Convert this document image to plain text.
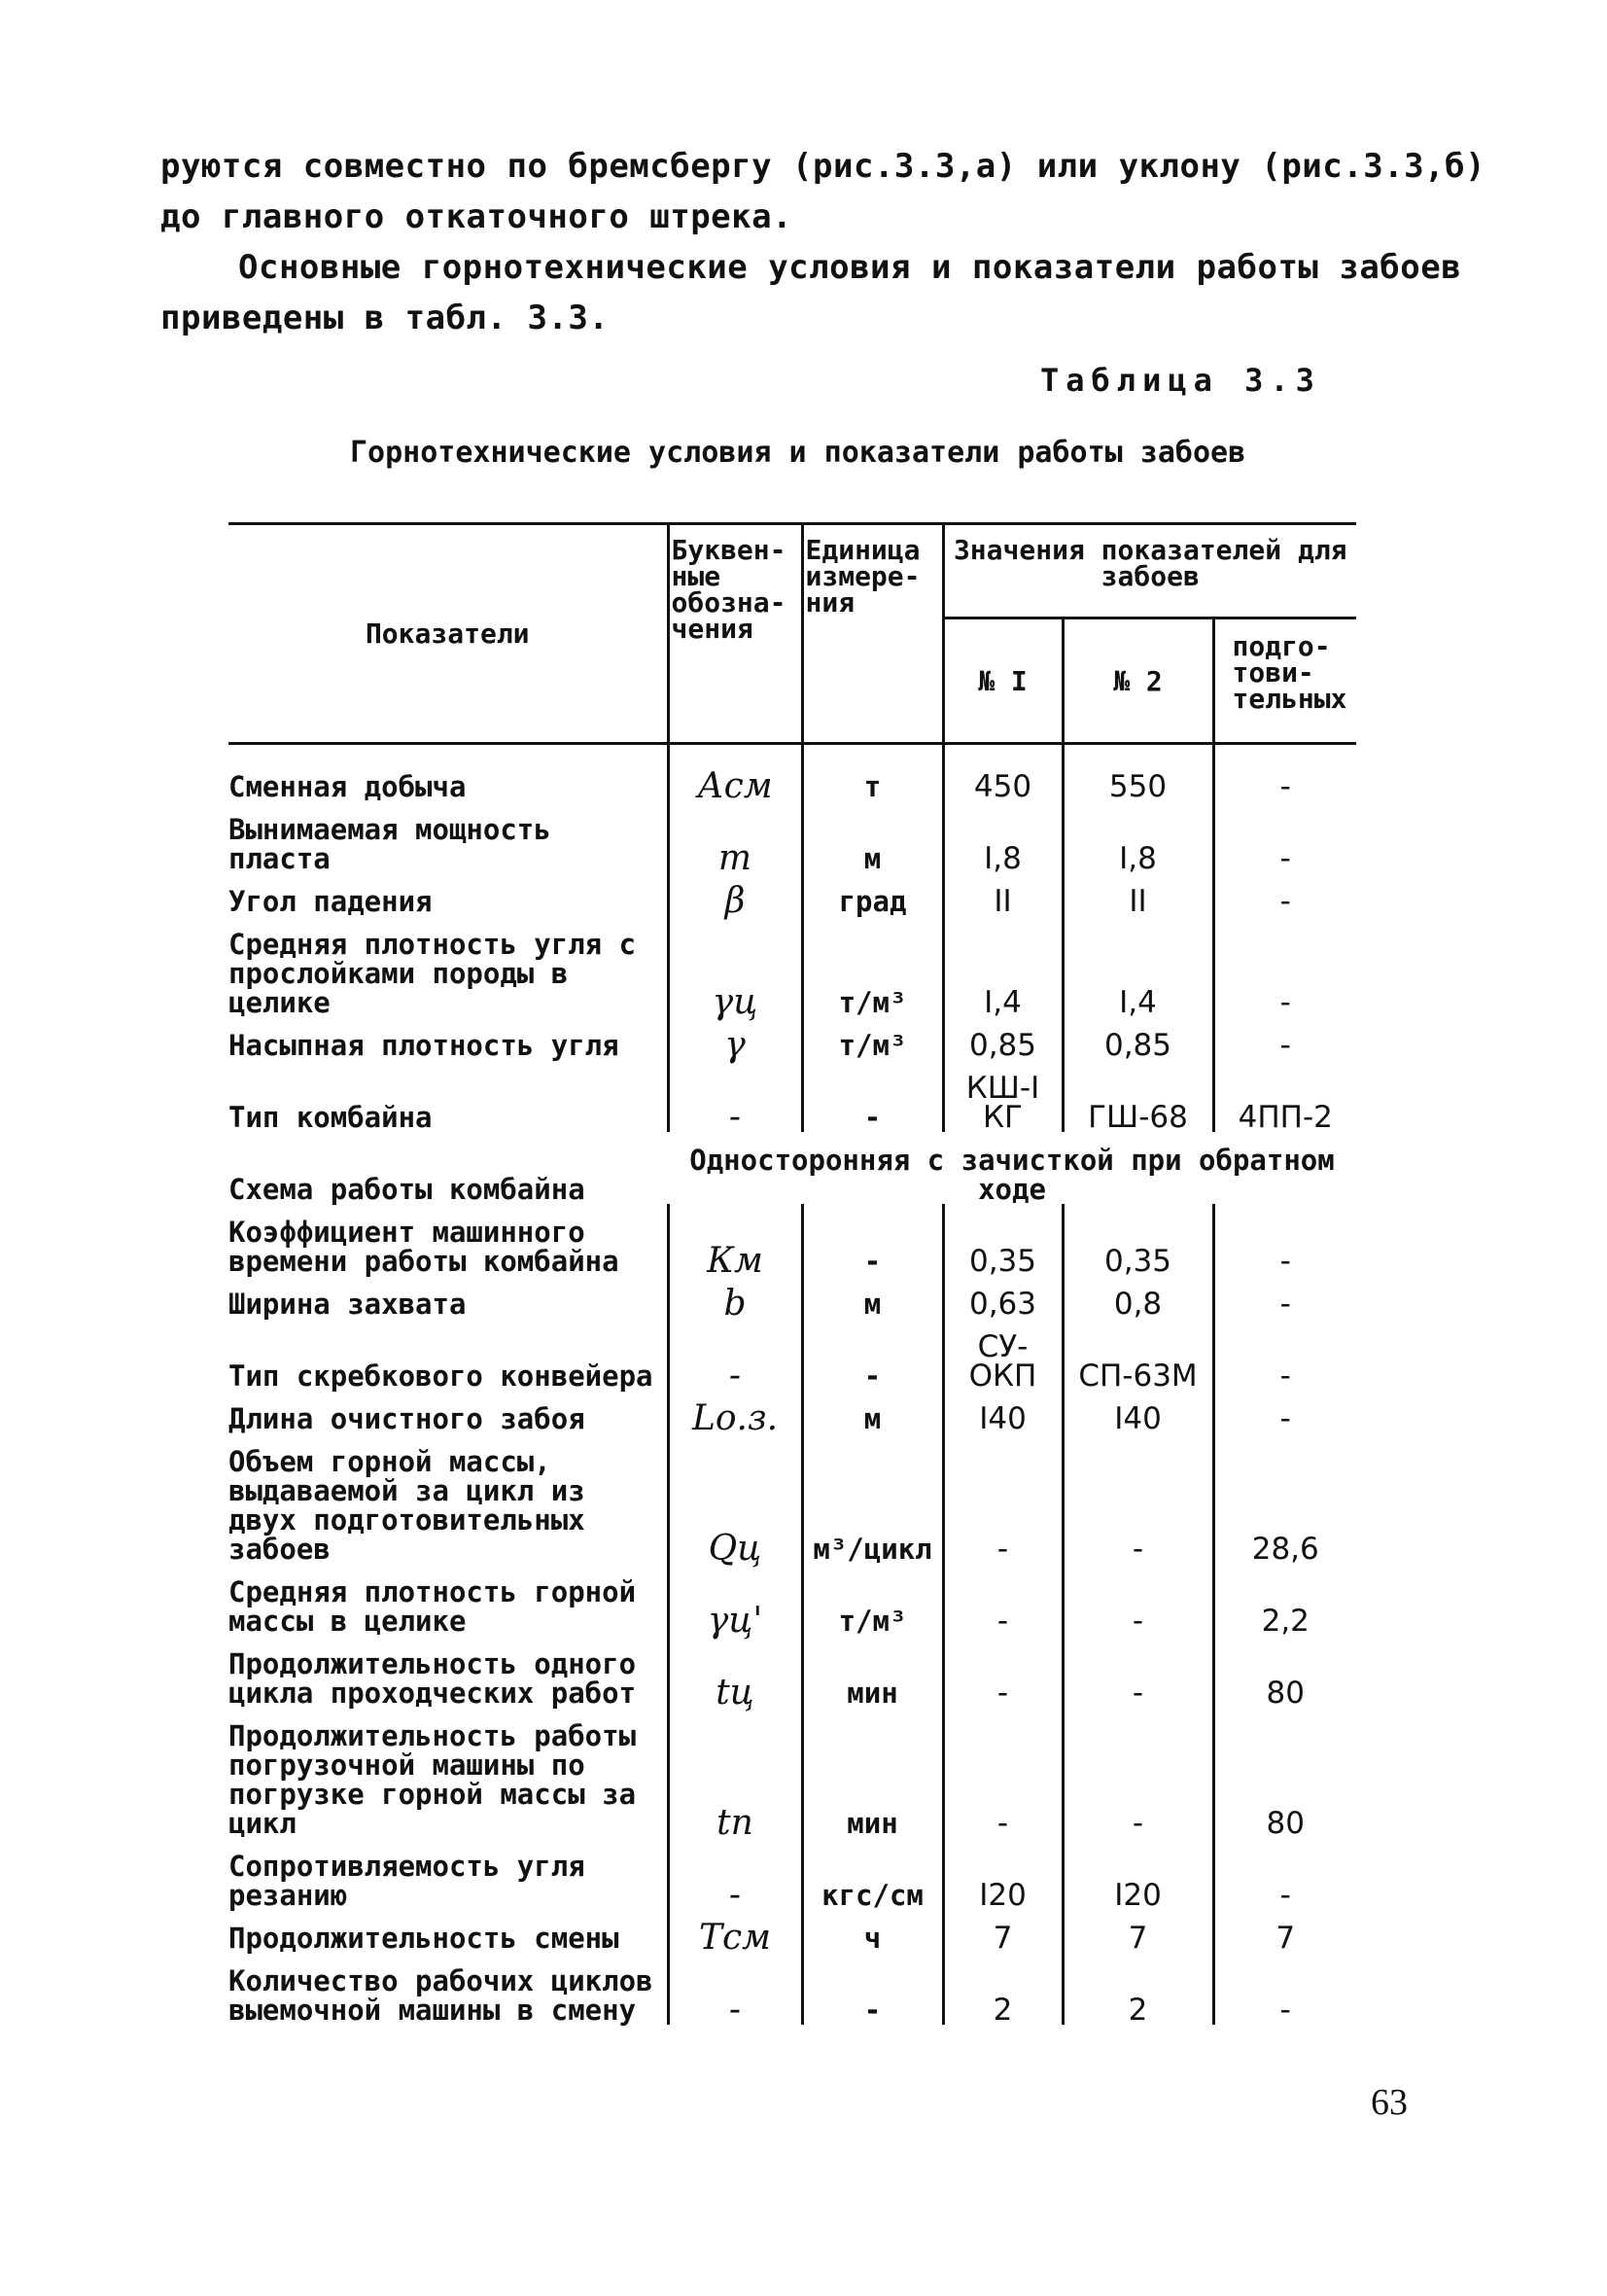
руются совместно по бремсбергу (рис.3.3,а) или уклону (рис.3.3,б)
до главного откаточного штрека.
Основные горнотехнические условия и показатели работы забоев
приведены в табл. 3.3.
Таблица 3.3
Горнотехнические условия и показатели работы забоев
Показатели	Буквен-ные обозна-чения	Единица измере-ния	Значения показателей для забоев		
			№ I	№ 2	подго-тови-тельных
Сменная добыча	Асм	т	450	550	-
Вынимаемая мощность пласта	m	м	I,8	I,8	-
Угол падения	β	град	II	II	-
Средняя плотность угля с прослойками породы в целике	γц	т/м³	I,4	I,4	-
Насыпная плотность угля	γ	т/м³	0,85	0,85	-
Тип комбайна	-	-	КШ-I КГ	ГШ-68	4ПП-2
Схема работы комбайна	Односторонняя с зачисткой при обратном ходе				
Коэффициент машинного времени работы комбайна	Км	-	0,35	0,35	-
Ширина захвата	b	м	0,63	0,8	-
Тип скребкового конвейера	-	-	СУ-ОКП	СП-63М	-
Длина очистного забоя	Lо.з.	м	I40	I40	-
Объем горной массы, выдаваемой за цикл из двух подготовительных забоев	Qц	м³/цикл	-	-	28,6
Средняя плотность горной массы в целике	γц'	т/м³	-	-	2,2
Продолжительность одного цикла проходческих работ	tц	мин	-	-	80
Продолжительность работы погрузочной машины по погрузке горной массы за цикл	tп	мин	-	-	80
Сопротивляемость угля резанию	-	кгс/см	I20	I20	-
Продолжительность смены	Тсм	ч	7	7	7
Количество рабочих циклов выемочной машины в смену	-	-	2	2	-
63
